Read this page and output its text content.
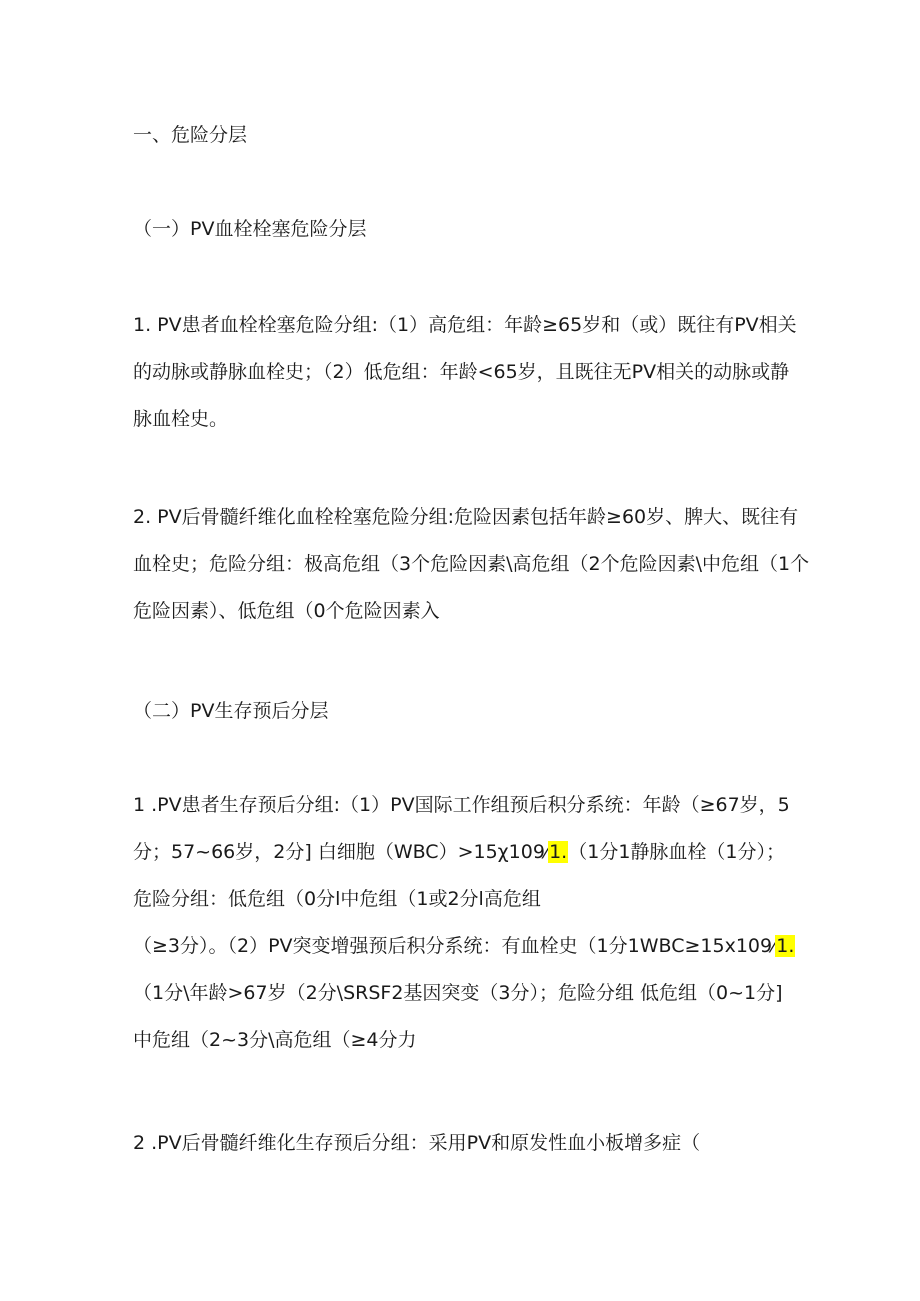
一、危险分层

（一）PV血栓栓塞危险分层

1. PV患者血栓栓塞危险分组:（1）高危组：年龄≥65岁和（或）既往有PV相关
的动脉或静脉血栓史；（2）低危组：年龄<65岁，且既往无PV相关的动脉或静
脉血栓史。

2. PV后骨髓纤维化血栓栓塞危险分组:危险因素包括年龄≥60岁、脾大、既往有
血栓史；危险分组：极高危组（3个危险因素\高危组（2个危险因素\中危组（1个
危险因素）、低危组（0个危险因素入

（二）PV生存预后分层

1 .PV患者生存预后分组:（1）PV国际工作组预后积分系统：年龄（≥67岁，5
分；57~66岁，2分] 白细胞（WBC）>15χ109⁄1.（1分1静脉血栓（1分）；
危险分组：低危组（0分l中危组（1或2分l高危组
（≥3分）。（2）PV突变增强预后积分系统：有血栓史（1分1WBC≥15x109⁄1.
（1分\年龄>67岁（2分\SRSF2基因突变（3分）；危险分组 低危组（0~1分]
中危组（2~3分\高危组（≥4分力

2 .PV后骨髓纤维化生存预后分组：采用PV和原发性血小板增多症（
